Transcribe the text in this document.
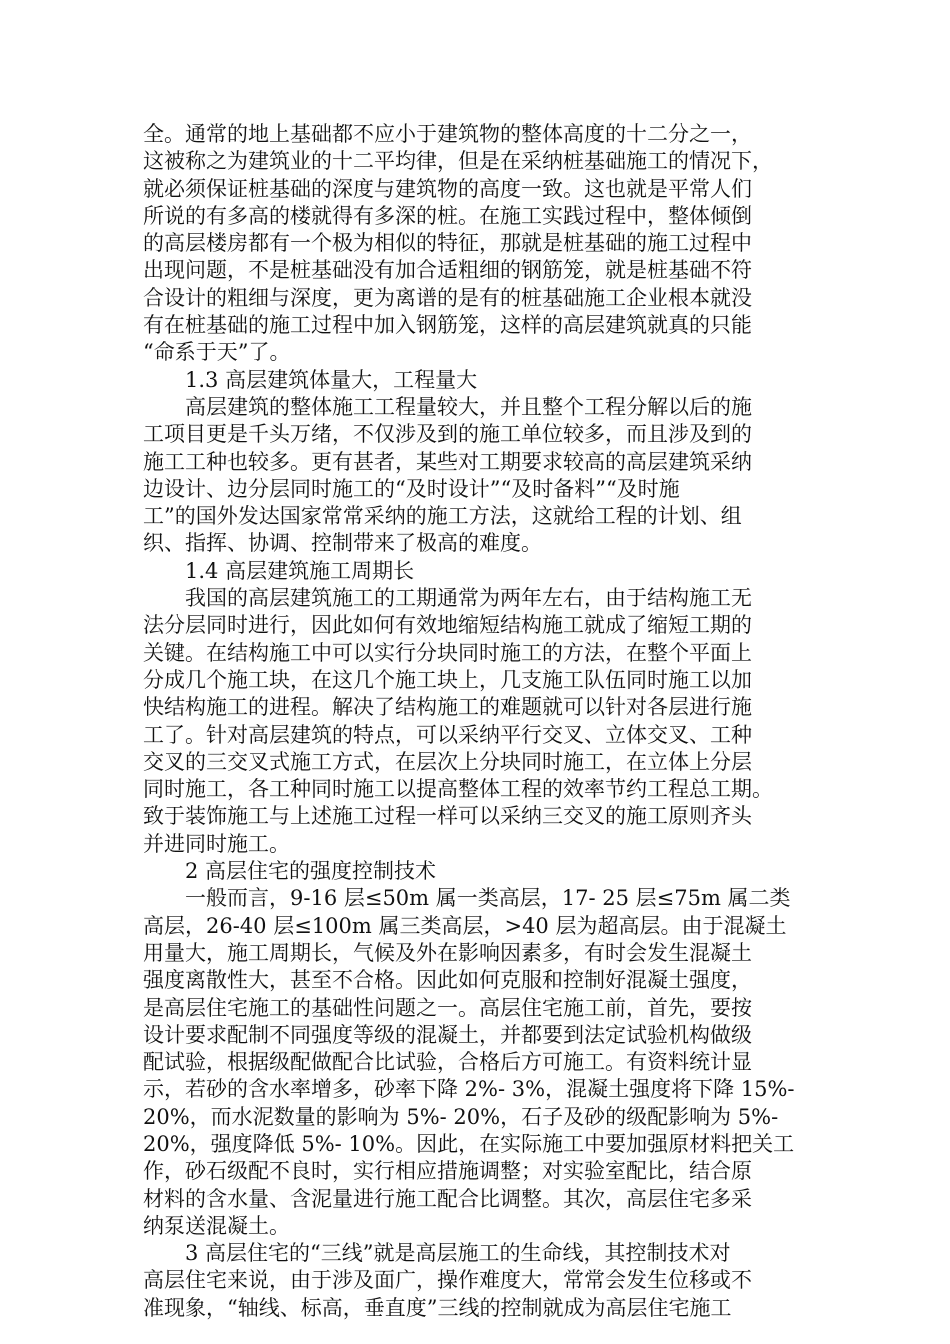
全。通常的地上基础都不应小于建筑物的整体高度的十二分之一，
这被称之为建筑业的十二平均律，但是在采纳桩基础施工的情况下，
就必须保证桩基础的深度与建筑物的高度一致。这也就是平常人们
所说的有多高的楼就得有多深的桩。在施工实践过程中，整体倾倒
的高层楼房都有一个极为相似的特征，那就是桩基础的施工过程中
出现问题，不是桩基础没有加合适粗细的钢筋笼，就是桩基础不符
合设计的粗细与深度，更为离谱的是有的桩基础施工企业根本就没
有在桩基础的施工过程中加入钢筋笼，这样的高层建筑就真的只能
“命系于天”了。
1.3 高层建筑体量大，工程量大
高层建筑的整体施工工程量较大，并且整个工程分解以后的施
工项目更是千头万绪，不仅涉及到的施工单位较多，而且涉及到的
施工工种也较多。更有甚者，某些对工期要求较高的高层建筑采纳
边设计、边分层同时施工的“及时设计”“及时备料”“及时施
工”的国外发达国家常常采纳的施工方法，这就给工程的计划、组
织、指挥、协调、控制带来了极高的难度。
1.4 高层建筑施工周期长
我国的高层建筑施工的工期通常为两年左右，由于结构施工无
法分层同时进行，因此如何有效地缩短结构施工就成了缩短工期的
关键。在结构施工中可以实行分块同时施工的方法，在整个平面上
分成几个施工块，在这几个施工块上，几支施工队伍同时施工以加
快结构施工的进程。解决了结构施工的难题就可以针对各层进行施
工了。针对高层建筑的特点，可以采纳平行交叉、立体交叉、工种
交叉的三交叉式施工方式，在层次上分块同时施工，在立体上分层
同时施工，各工种同时施工以提高整体工程的效率节约工程总工期。
致于装饰施工与上述施工过程一样可以采纳三交叉的施工原则齐头
并进同时施工。
2 高层住宅的强度控制技术
一般而言，9-16 层≤50m 属一类高层，17- 25 层≤75m 属二类
高层，26-40 层≤100m 属三类高层，>40 层为超高层。由于混凝土
用量大，施工周期长，气候及外在影响因素多，有时会发生混凝土
强度离散性大，甚至不合格。因此如何克服和控制好混凝土强度，
是高层住宅施工的基础性问题之一。高层住宅施工前，首先，要按
设计要求配制不同强度等级的混凝土，并都要到法定试验机构做级
配试验，根据级配做配合比试验，合格后方可施工。有资料统计显
示，若砂的含水率增多，砂率下降 2%- 3%，混凝土强度将下降 15%-
20%，而水泥数量的影响为 5%- 20%，石子及砂的级配影响为 5%-
20%，强度降低 5%- 10%。因此，在实际施工中要加强原材料把关工
作，砂石级配不良时，实行相应措施调整；对实验室配比，结合原
材料的含水量、含泥量进行施工配合比调整。其次，高层住宅多采
纳泵送混凝土。
3 高层住宅的“三线”就是高层施工的生命线，其控制技术对
高层住宅来说，由于涉及面广，操作难度大，常常会发生位移或不
准现象，“轴线、标高，垂直度”三线的控制就成为高层住宅施工
